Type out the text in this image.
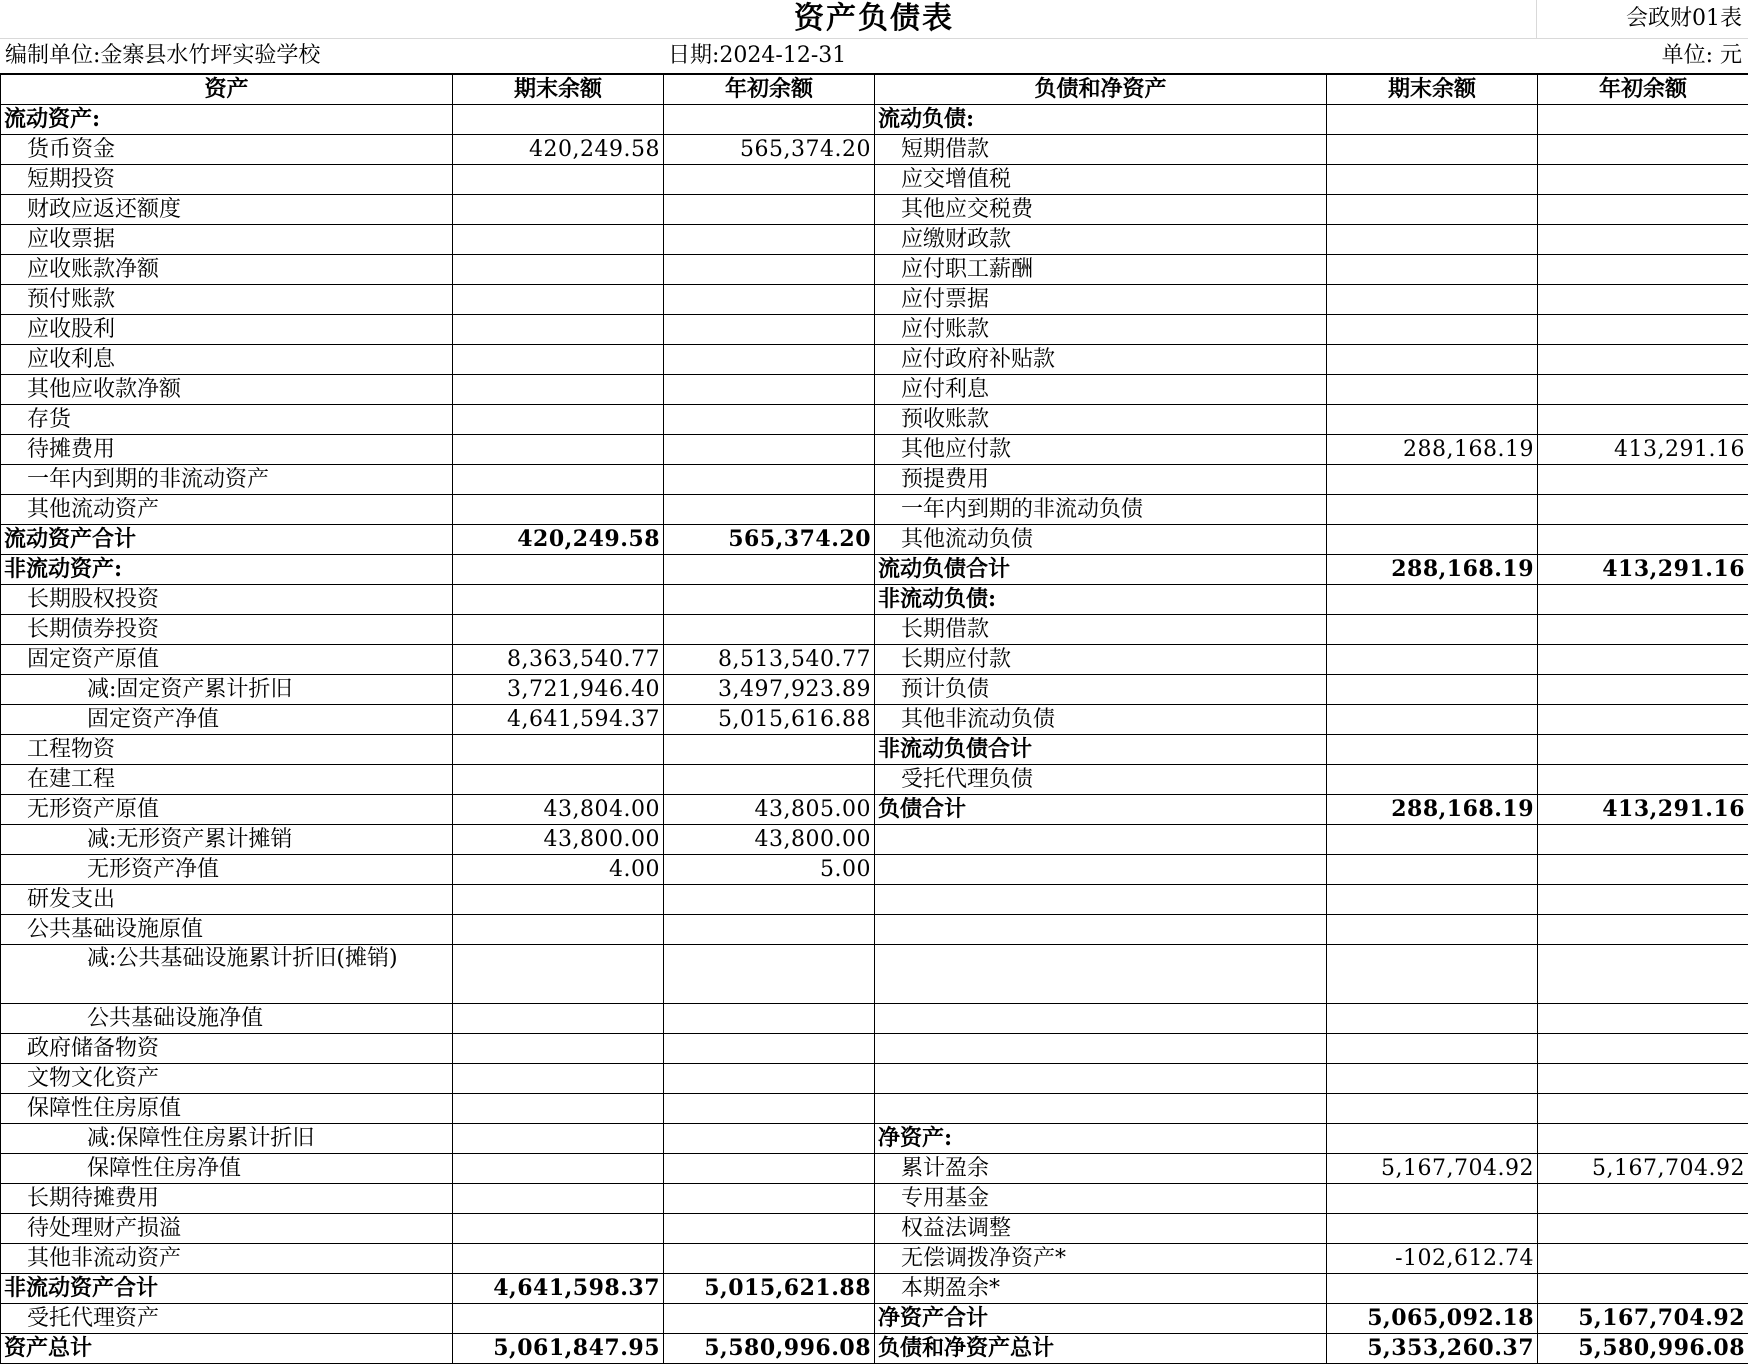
资产负债表	会政财01表
编制单位:金寨县水竹坪实验学校	日期:2024-12-31	单位: 元
资产	期末余额	年初余额	负债和净资产	期末余额	年初余额
流动资产:			流动负债:		
货币资金	420,249.58	565,374.20	短期借款		
短期投资			应交增值税		
财政应返还额度			其他应交税费		
应收票据			应缴财政款		
应收账款净额			应付职工薪酬		
预付账款			应付票据		
应收股利			应付账款		
应收利息			应付政府补贴款		
其他应收款净额			应付利息		
存货			预收账款		
待摊费用			其他应付款	288,168.19	413,291.16
一年内到期的非流动资产			预提费用		
其他流动资产			一年内到期的非流动负债		
流动资产合计	420,249.58	565,374.20	其他流动负债		
非流动资产:			流动负债合计	288,168.19	413,291.16
长期股权投资			非流动负债:		
长期债券投资			长期借款		
固定资产原值	8,363,540.77	8,513,540.77	长期应付款		
减:固定资产累计折旧	3,721,946.40	3,497,923.89	预计负债		
固定资产净值	4,641,594.37	5,015,616.88	其他非流动负债		
工程物资			非流动负债合计		
在建工程			受托代理负债		
无形资产原值	43,804.00	43,805.00	负债合计	288,168.19	413,291.16
减:无形资产累计摊销	43,800.00	43,800.00			
无形资产净值	4.00	5.00			
研发支出					
公共基础设施原值					
减:公共基础设施累计折旧(摊销)					
公共基础设施净值					
政府储备物资					
文物文化资产					
保障性住房原值					
减:保障性住房累计折旧			净资产:		
保障性住房净值			累计盈余	5,167,704.92	5,167,704.92
长期待摊费用			专用基金		
待处理财产损溢			权益法调整		
其他非流动资产			无偿调拨净资产*	-102,612.74	
非流动资产合计	4,641,598.37	5,015,621.88	本期盈余*		
受托代理资产			净资产合计	5,065,092.18	5,167,704.92
资产总计	5,061,847.95	5,580,996.08	负债和净资产总计	5,353,260.37	5,580,996.08
